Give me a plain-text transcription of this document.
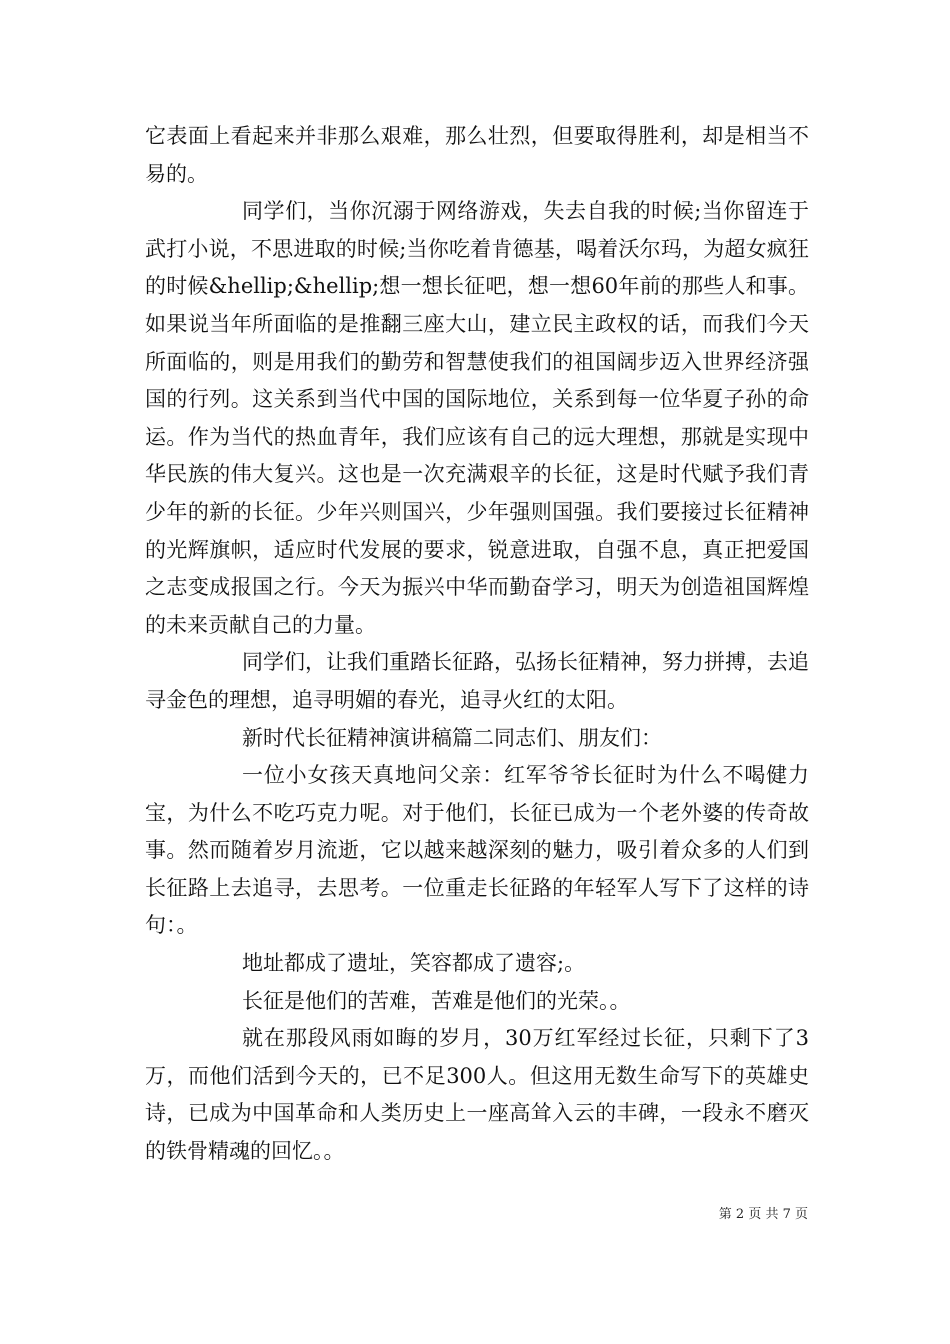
它表面上看起来并非那么艰难，那么壮烈，但要取得胜利，却是相当不易的。

同学们，当你沉溺于网络游戏，失去自我的时候;当你留连于武打小说，不思进取的时候;当你吃着肯德基，喝着沃尔玛，为超女疯狂的时候&hellip;&hellip;想一想长征吧，想一想60年前的那些人和事。如果说当年所面临的是推翻三座大山，建立民主政权的话，而我们今天所面临的，则是用我们的勤劳和智慧使我们的祖国阔步迈入世界经济强国的行列。这关系到当代中国的国际地位，关系到每一位华夏子孙的命运。作为当代的热血青年，我们应该有自己的远大理想，那就是实现中华民族的伟大复兴。这也是一次充满艰辛的长征，这是时代赋予我们青少年的新的长征。少年兴则国兴，少年强则国强。我们要接过长征精神的光辉旗帜，适应时代发展的要求，锐意进取，自强不息，真正把爱国之志变成报国之行。今天为振兴中华而勤奋学习，明天为创造祖国辉煌的未来贡献自己的力量。

同学们，让我们重踏长征路，弘扬长征精神，努力拼搏，去追寻金色的理想，追寻明媚的春光，追寻火红的太阳。

新时代长征精神演讲稿篇二同志们、朋友们：

一位小女孩天真地问父亲：红军爷爷长征时为什么不喝健力宝，为什么不吃巧克力呢。对于他们，长征已成为一个老外婆的传奇故事。然而随着岁月流逝，它以越来越深刻的魅力，吸引着众多的人们到长征路上去追寻，去思考。一位重走长征路的年轻军人写下了这样的诗句：。

地址都成了遗址，笑容都成了遗容;。

长征是他们的苦难，苦难是他们的光荣。。

就在那段风雨如晦的岁月，30万红军经过长征，只剩下了3万，而他们活到今天的，已不足300人。但这用无数生命写下的英雄史诗，已成为中国革命和人类历史上一座高耸入云的丰碑，一段永不磨灭的铁骨精魂的回忆。。

第 2 页 共 7 页
